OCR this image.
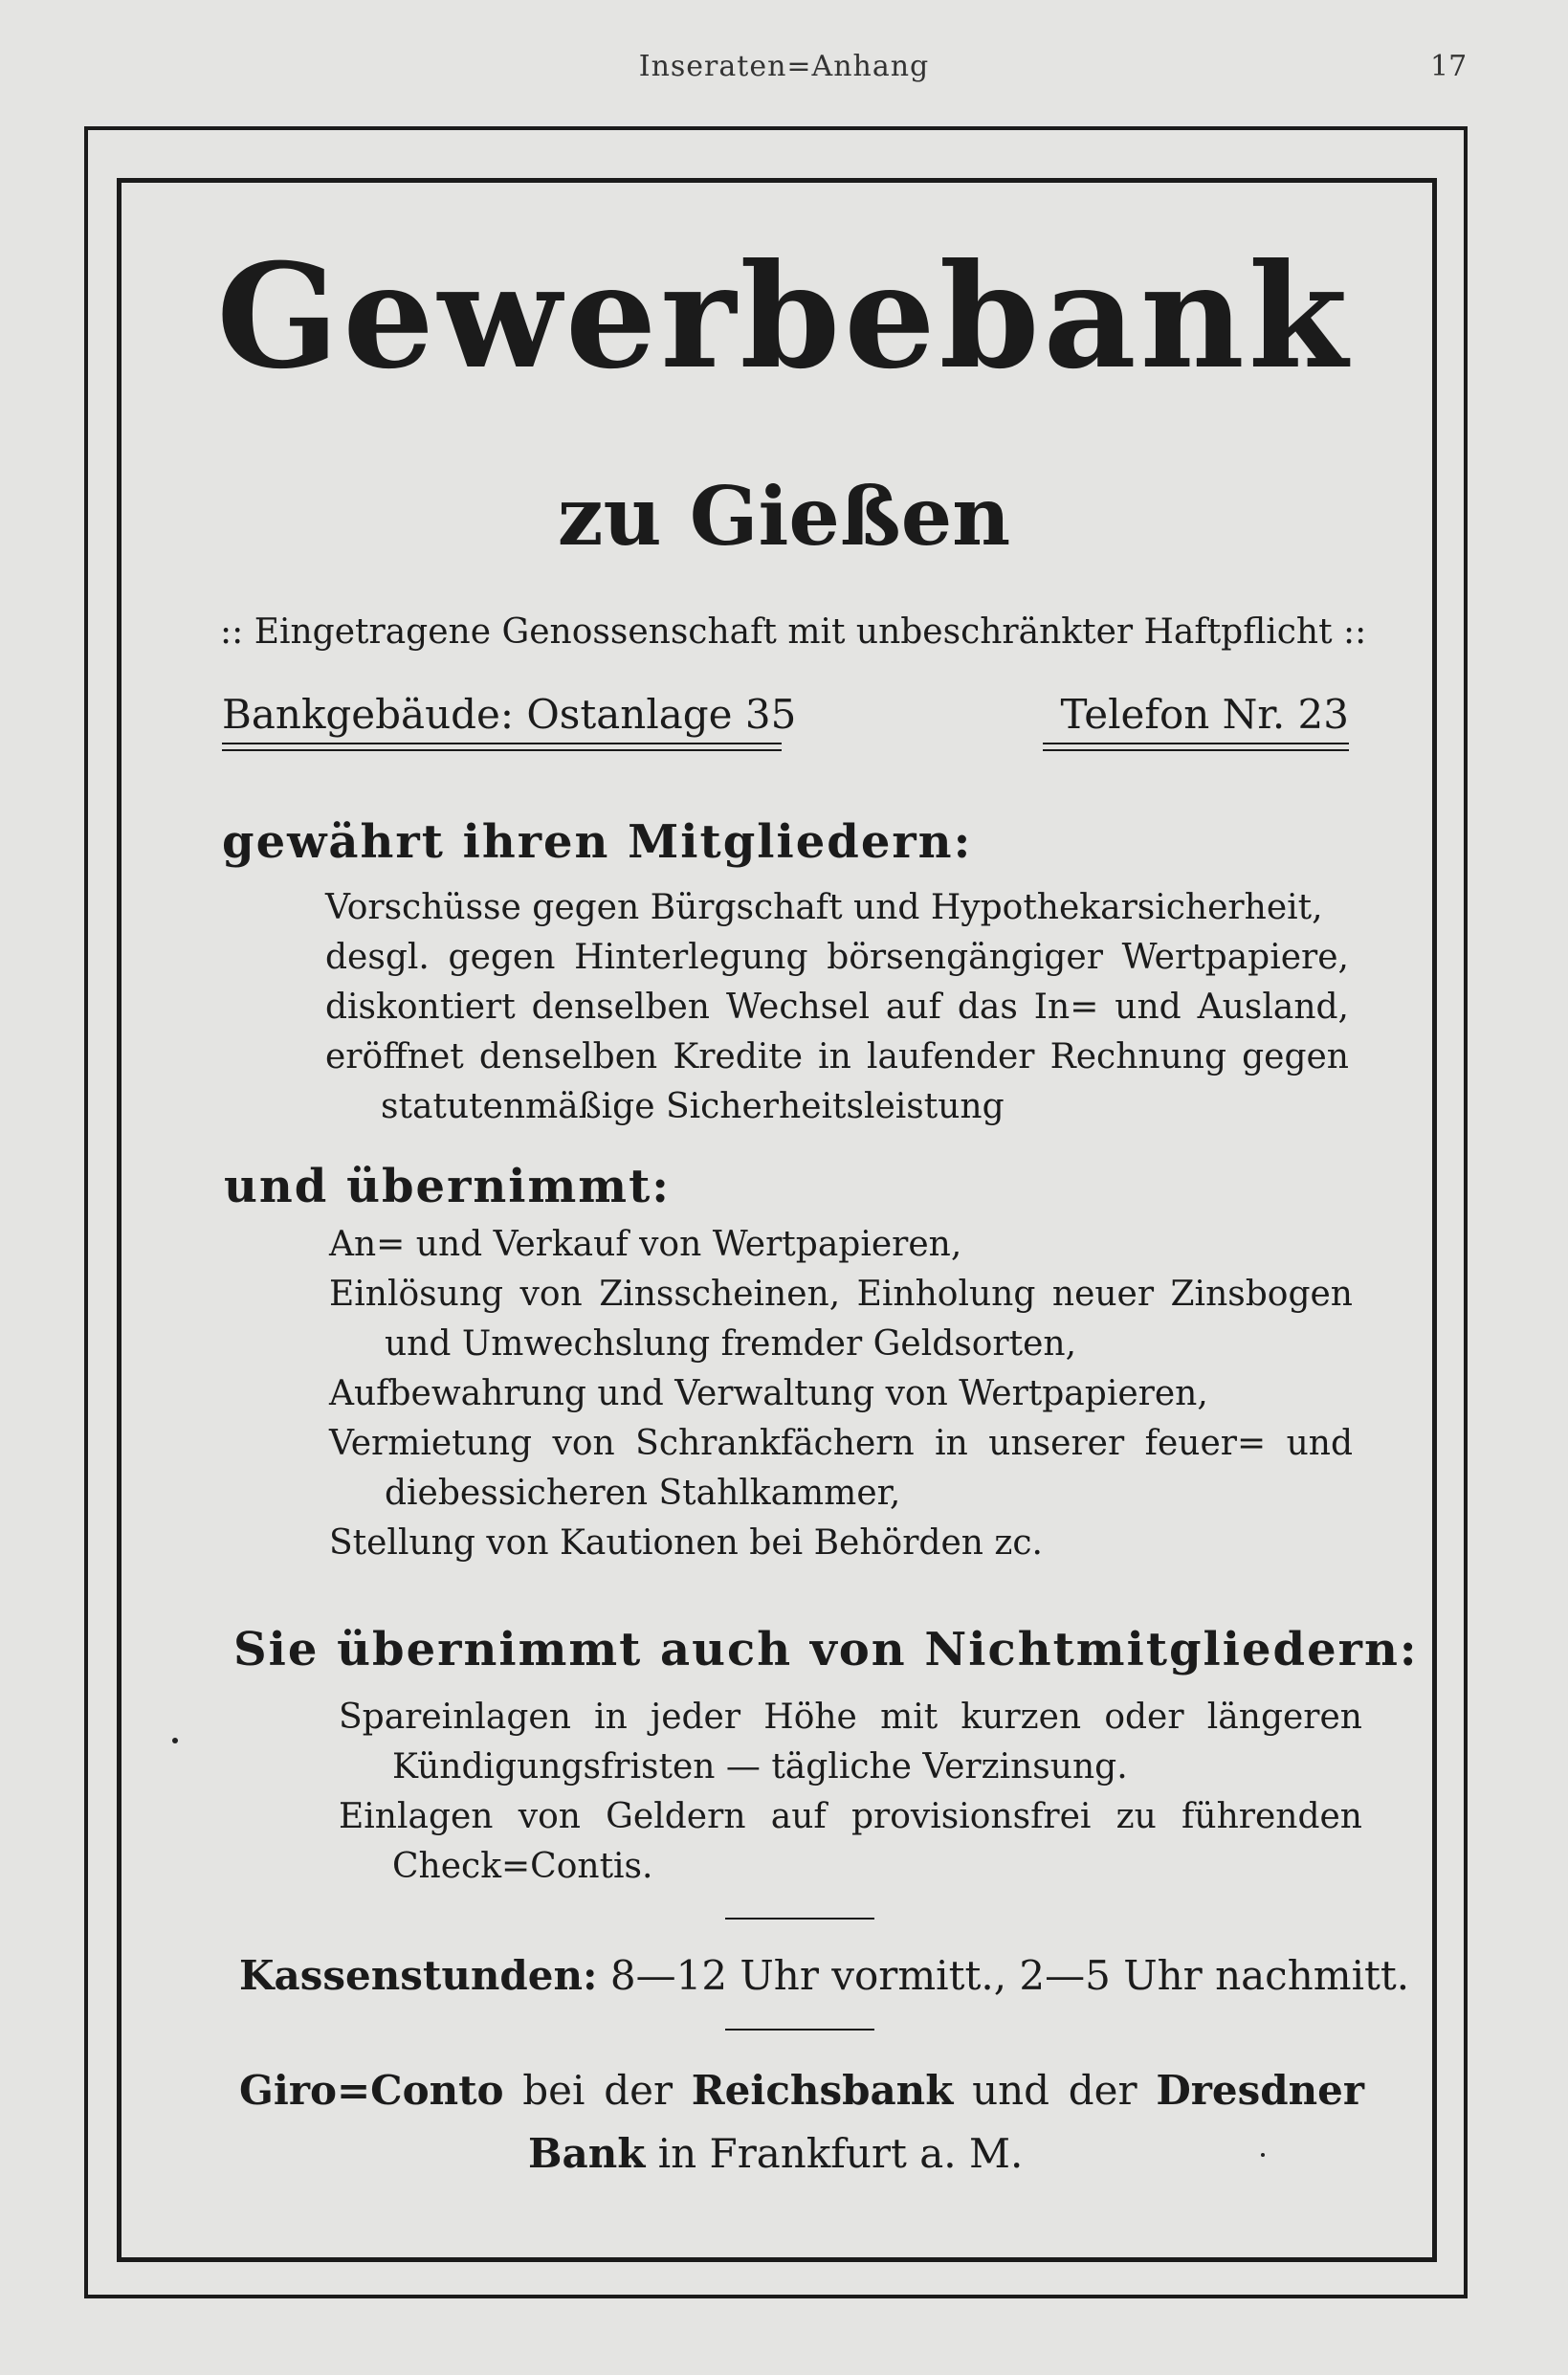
Inseraten=Anhang	17
Gewerbebank
zu Gießen
:: Eingetragene Genossenschaft mit unbeschränkter Haftpflicht ::
Bankgebäude: Ostanlage 35	Telefon Nr. 23
gewährt ihren Mitgliedern:
Vorschüsse gegen Bürgschaft und Hypothekarsicherheit,
desgl. gegen Hinterlegung börsengängiger Wertpapiere,
diskontiert denselben Wechsel auf das In= und Ausland,
eröffnet denselben Kredite in laufender Rechnung gegen
statutenmäßige Sicherheitsleistung
und übernimmt:
An= und Verkauf von Wertpapieren,
Einlösung von Zinsscheinen, Einholung neuer Zinsbogen
und Umwechslung fremder Geldsorten,
Aufbewahrung und Verwaltung von Wertpapieren,
Vermietung von Schrankfächern in unserer feuer= und
diebessicheren Stahlkammer,
Stellung von Kautionen bei Behörden zc.
Sie übernimmt auch von Nichtmitgliedern:
Spareinlagen in jeder Höhe mit kurzen oder längeren
Kündigungsfristen — tägliche Verzinsung.
Einlagen von Geldern auf provisionsfrei zu führenden
Check=Contis.
Kassenstunden: 8—12 Uhr vormitt., 2—5 Uhr nachmitt.
Giro=Conto bei der Reichsbank und der Dresdner
Bank in Frankfurt a. M.
